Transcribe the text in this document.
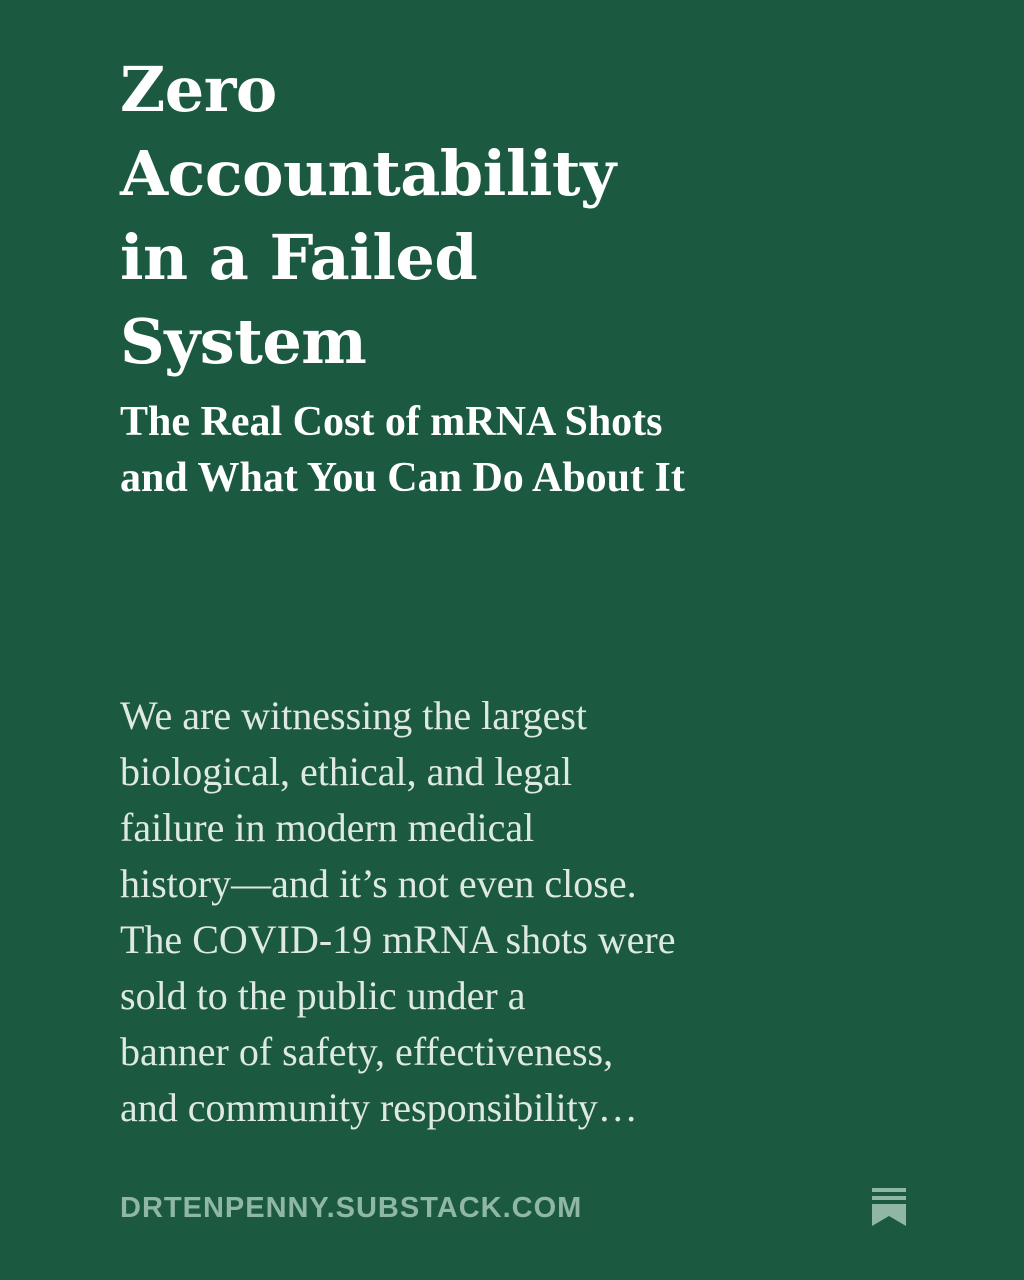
Zero
Accountability
in a Failed
System
The Real Cost of mRNA Shots
and What You Can Do About It

We are witnessing the largest
biological, ethical, and legal
failure in modern medical
history—and it’s not even close.
The COVID-19 mRNA shots were
sold to the public under a
banner of safety, effectiveness,
and community responsibility…

DRTENPENNY.SUBSTACK.COM
